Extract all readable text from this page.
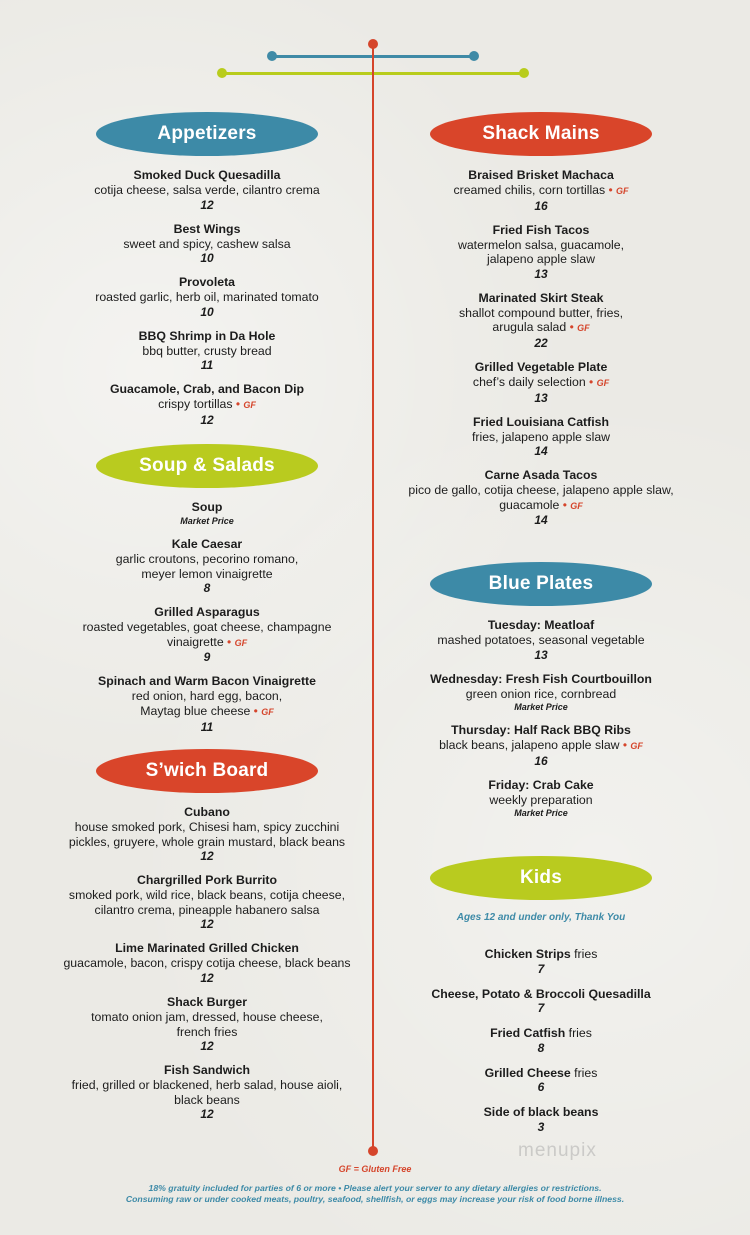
Appetizers
Smoked Duck Quesadilla
cotija cheese, salsa verde, cilantro crema
12
Best Wings
sweet and spicy, cashew salsa
10
Provoleta
roasted garlic, herb oil, marinated tomato
10
BBQ Shrimp in Da Hole
bbq butter, crusty bread
11
Guacamole, Crab, and Bacon Dip
crispy tortillas • GF
12
Soup & Salads
Soup
Market Price
Kale Caesar
garlic croutons, pecorino romano,
meyer lemon vinaigrette
8
Grilled Asparagus
roasted vegetables, goat cheese, champagne
vinaigrette • GF
9
Spinach and Warm Bacon Vinaigrette
red onion, hard egg, bacon,
Maytag blue cheese • GF
11
S’wich Board
Cubano
house smoked pork, Chisesi ham, spicy zucchini
pickles, gruyere, whole grain mustard, black beans
12
Chargrilled Pork Burrito
smoked pork, wild rice, black beans, cotija cheese,
cilantro crema, pineapple habanero salsa
12
Lime Marinated Grilled Chicken
guacamole, bacon, crispy cotija cheese, black beans
12
Shack Burger
tomato onion jam, dressed, house cheese,
french fries
12
Fish Sandwich
fried, grilled or blackened, herb salad, house aioli,
black beans
12
Shack Mains
Braised Brisket Machaca
creamed chilis, corn tortillas • GF
16
Fried Fish Tacos
watermelon salsa, guacamole,
jalapeno apple slaw
13
Marinated Skirt Steak
shallot compound butter, fries,
arugula salad • GF
22
Grilled Vegetable Plate
chef’s daily selection • GF
13
Fried Louisiana Catfish
fries, jalapeno apple slaw
14
Carne Asada Tacos
pico de gallo, cotija cheese, jalapeno apple slaw,
guacamole • GF
14
Blue Plates
Tuesday: Meatloaf
mashed potatoes, seasonal vegetable
13
Wednesday: Fresh Fish Courtbouillon
green onion rice, cornbread
Market Price
Thursday: Half Rack BBQ Ribs
black beans, jalapeno apple slaw • GF
16
Friday: Crab Cake
weekly preparation
Market Price
Kids
Ages 12 and under only, Thank You
Chicken Strips fries
7
Cheese, Potato & Broccoli Quesadilla
7
Fried Catfish fries
8
Grilled Cheese fries
6
Side of black beans
3
GF = Gluten Free
18% gratuity included for parties of 6 or more • Please alert your server to any dietary allergies or restrictions.
Consuming raw or under cooked meats, poultry, seafood, shellfish, or eggs may increase your risk of food borne illness.
menupix
